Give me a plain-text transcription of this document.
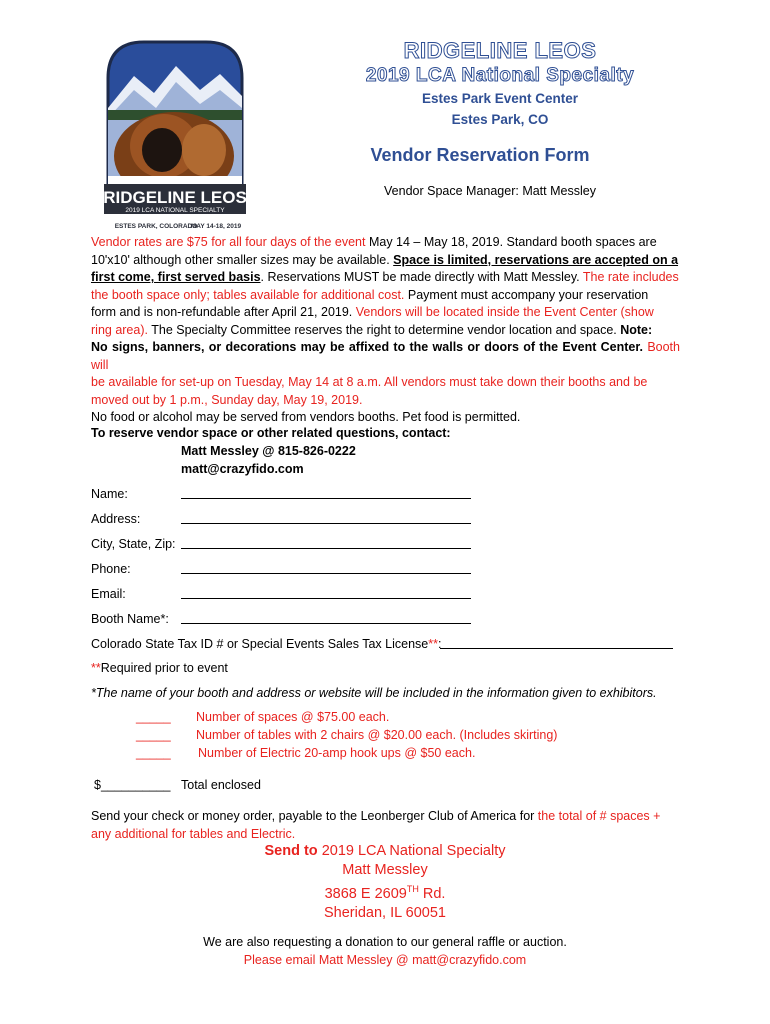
RIDGELINE LEOS
2019 LCA NATIONAL SPECIALTY
ESTES PARK, COLORADO
MAY 14-18, 2019
RIDGELINE LEOS
2019 LCA National Specialty
Estes Park Event Center
Estes Park, CO
Vendor Reservation Form
Vendor Space Manager: Matt Messley
Vendor rates are $75 for all four days of the event May 14 – May 18, 2019. Standard booth spaces are
10'x10' although other smaller sizes may be available. Space is limited, reservations are accepted on a
first come, first served basis. Reservations MUST be made directly with Matt Messley. The rate includes
the booth space only; tables available for additional cost. Payment must accompany your reservation
form and is non-refundable after April 21, 2019. Vendors will be located inside the Event Center (show
ring area). The Specialty Committee reserves the right to determine vendor location and space. Note:
No signs, banners, or decorations may be affixed to the walls or doors of the Event Center. Booth will
be available for set-up on Tuesday, May 14 at 8 a.m. All vendors must take down their booths and be
moved out by 1 p.m., Sunday day, May 19, 2019.
No food or alcohol may be served from vendors booths. Pet food is permitted.
To reserve vendor space or other related questions, contact:
Matt Messley @ 815-826-0222
matt@crazyfido.com
Name:
Address:
City, State, Zip:
Phone:
Email:
Booth Name*:
Colorado State Tax ID # or Special Events Sales Tax License**:
**Required prior to event
*The name of your booth and address or website will be included in the information given to exhibitors.
_____ Number of spaces @ $75.00 each.
_____ Number of tables with 2 chairs @ $20.00 each. (Includes skirting)
_____ Number of Electric 20-amp hook ups @ $50 each.
$__________ Total enclosed
Send your check or money order, payable to the Leonberger Club of America for the total of # spaces +
any additional for tables and Electric.
Send to 2019 LCA National Specialty
Matt Messley
3868 E 2609TH Rd.
Sheridan, IL 60051
We are also requesting a donation to our general raffle or auction.
Please email Matt Messley @ matt@crazyfido.com
